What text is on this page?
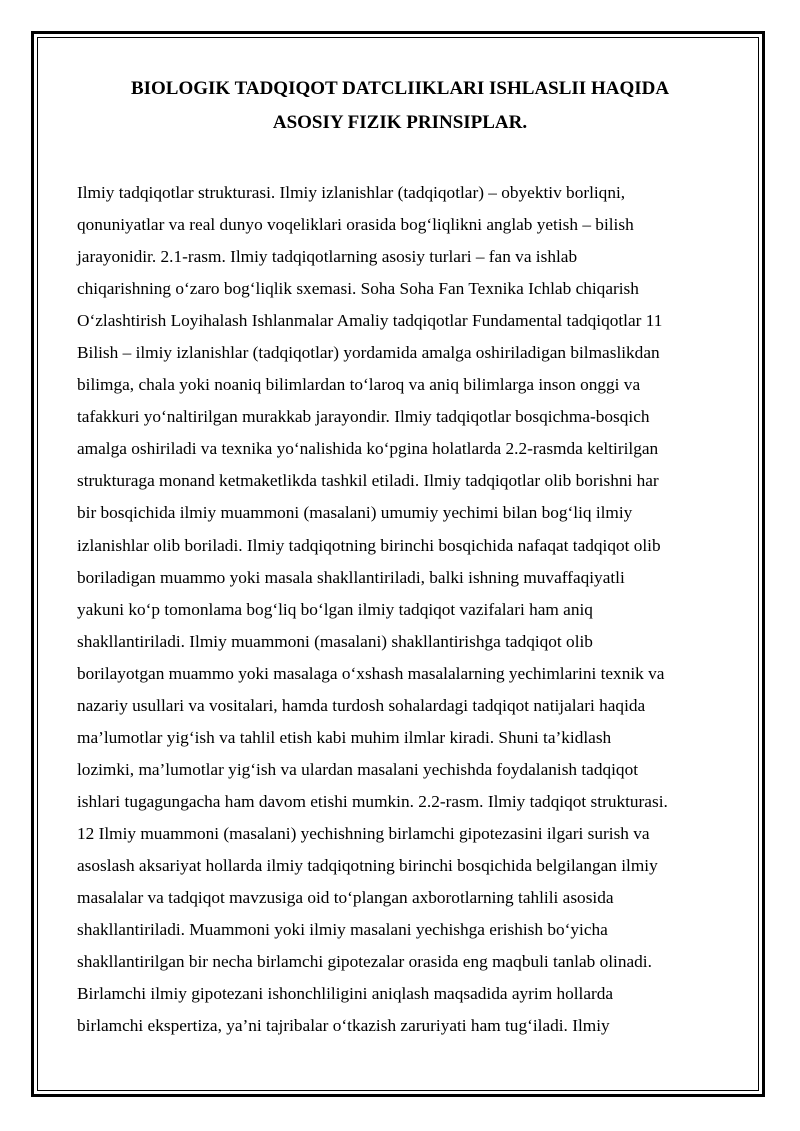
BIOLOGIK TADQIQOT DATCLIIKLARI ISHLASLII HAQIDA
ASOSIY FIZIK PRINSIPLAR.
Ilmiy tadqiqotlar strukturasi. Ilmiy izlanishlar (tadqiqotlar) – obyektiv borliqni,
qonuniyatlar va real dunyo voqeliklari orasida bog‘liqlikni anglab yetish – bilish
jarayonidir. 2.1-rasm. Ilmiy tadqiqotlarning asosiy turlari – fan va ishlab
chiqarishning o‘zaro bog‘liqlik sxemasi. Soha Soha Fan Texnika Ichlab chiqarish
O‘zlashtirish Loyihalash Ishlanmalar Amaliy tadqiqotlar Fundamental tadqiqotlar 11
Bilish – ilmiy izlanishlar (tadqiqotlar) yordamida amalga oshiriladigan bilmaslikdan
bilimga, chala yoki noaniq bilimlardan to‘laroq va aniq bilimlarga inson onggi va
tafakkuri yo‘naltirilgan murakkab jarayondir. Ilmiy tadqiqotlar bosqichma-bosqich
amalga oshiriladi va texnika yo‘nalishida ko‘pgina holatlarda 2.2-rasmda keltirilgan
strukturaga monand ketmaketlikda tashkil etiladi. Ilmiy tadqiqotlar olib borishni har
bir bosqichida ilmiy muammoni (masalani) umumiy yechimi bilan bog‘liq ilmiy
izlanishlar olib boriladi. Ilmiy tadqiqotning birinchi bosqichida nafaqat tadqiqot olib
boriladigan muammo yoki masala shakllantiriladi, balki ishning muvaffaqiyatli
yakuni ko‘p tomonlama bog‘liq bo‘lgan ilmiy tadqiqot vazifalari ham aniq
shakllantiriladi. Ilmiy muammoni (masalani) shakllantirishga tadqiqot olib
borilayotgan muammo yoki masalaga o‘xshash masalalarning yechimlarini texnik va
nazariy usullari va vositalari, hamda turdosh sohalardagi tadqiqot natijalari haqida
ma’lumotlar yig‘ish va tahlil etish kabi muhim ilmlar kiradi. Shuni ta’kidlash
lozimki, ma’lumotlar yig‘ish va ulardan masalani yechishda foydalanish tadqiqot
ishlari tugagungacha ham davom etishi mumkin. 2.2-rasm. Ilmiy tadqiqot strukturasi.
12 Ilmiy muammoni (masalani) yechishning birlamchi gipotezasini ilgari surish va
asoslash aksariyat hollarda ilmiy tadqiqotning birinchi bosqichida belgilangan ilmiy
masalalar va tadqiqot mavzusiga oid to‘plangan axborotlarning tahlili asosida
shakllantiriladi. Muammoni yoki ilmiy masalani yechishga erishish bo‘yicha
shakllantirilgan bir necha birlamchi gipotezalar orasida eng maqbuli tanlab olinadi.
Birlamchi ilmiy gipotezani ishonchliligini aniqlash maqsadida ayrim hollarda
birlamchi ekspertiza, ya’ni tajribalar o‘tkazish zaruriyati ham tug‘iladi. Ilmiy
